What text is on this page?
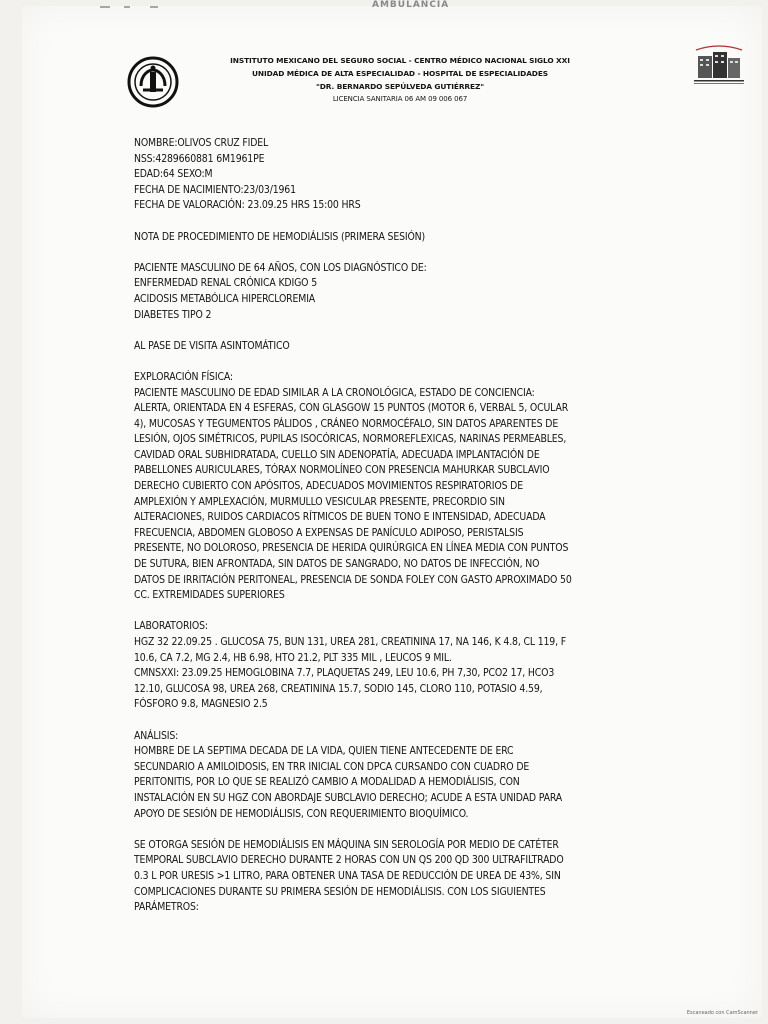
AMBULANCIA
INSTITUTO MEXICANO DEL SEGURO SOCIAL - CENTRO MÉDICO NACIONAL SIGLO XXI
UNIDAD MÉDICA DE ALTA ESPECIALIDAD - HOSPITAL DE ESPECIALIDADES
"DR. BERNARDO SEPÚLVEDA GUTIÉRREZ"
LICENCIA SANITARIA 06 AM 09 006 067
NOMBRE:OLIVOS CRUZ FIDEL
NSS:4289660881 6M1961PE
EDAD:64 SEXO:M
FECHA DE NACIMIENTO:23/03/1961
FECHA DE VALORACIÓN: 23.09.25 HRS 15:00 HRS
NOTA DE PROCEDIMIENTO DE HEMODIÁLISIS (PRIMERA SESIÓN)
PACIENTE MASCULINO DE 64 AÑOS, CON LOS DIAGNÓSTICO DE:
ENFERMEDAD RENAL CRÓNICA KDIGO 5
ACIDOSIS METABÓLICA HIPERCLOREMIA
DIABETES TIPO 2
AL PASE DE VISITA ASINTOMÁTICO
EXPLORACIÓN FÍSICA:
PACIENTE MASCULINO DE EDAD SIMILAR A LA CRONOLÓGICA, ESTADO DE CONCIENCIA:
ALERTA, ORIENTADA EN 4 ESFERAS, CON GLASGOW 15 PUNTOS (MOTOR 6, VERBAL 5, OCULAR
4), MUCOSAS Y TEGUMENTOS PÁLIDOS , CRÁNEO NORMOCÉFALO, SIN DATOS APARENTES DE
LESIÓN, OJOS SIMÉTRICOS, PUPILAS ISOCÓRICAS, NORMOREFLEXICAS, NARINAS PERMEABLES,
CAVIDAD ORAL SUBHIDRATADA, CUELLO SIN ADENOPATÍA, ADECUADA IMPLANTACIÓN DE
PABELLONES AURICULARES, TÓRAX NORMOLÍNEO CON PRESENCIA MAHURKAR SUBCLAVIO
DERECHO CUBIERTO CON APÓSITOS, ADECUADOS MOVIMIENTOS RESPIRATORIOS DE
AMPLEXIÓN Y AMPLEXACIÓN, MURMULLO VESICULAR PRESENTE, PRECORDIO SIN
ALTERACIONES, RUIDOS CARDIACOS RÍTMICOS DE BUEN TONO E INTENSIDAD, ADECUADA
FRECUENCIA, ABDOMEN GLOBOSO A EXPENSAS DE PANÍCULO ADIPOSO, PERISTALSIS
PRESENTE, NO DOLOROSO, PRESENCIA DE HERIDA QUIRÚRGICA EN LÍNEA MEDIA CON PUNTOS
DE SUTURA, BIEN AFRONTADA, SIN DATOS DE SANGRADO, NO DATOS DE INFECCIÓN, NO
DATOS DE IRRITACIÓN PERITONEAL, PRESENCIA DE SONDA FOLEY CON GASTO APROXIMADO 50
CC. EXTREMIDADES SUPERIORES
LABORATORIOS:
HGZ 32 22.09.25 . GLUCOSA 75, BUN 131, UREA 281, CREATININA 17, NA 146, K 4.8, CL 119, F
10.6, CA 7.2, MG 2.4, HB 6.98, HTO 21.2, PLT 335 MIL , LEUCOS 9 MIL.
CMNSXXI: 23.09.25 HEMOGLOBINA 7.7, PLAQUETAS 249, LEU 10.6, PH 7,30, PCO2 17, HCO3
12.10, GLUCOSA 98, UREA 268, CREATININA 15.7, SODIO 145, CLORO 110, POTASIO 4.59,
FÓSFORO 9.8, MAGNESIO 2.5
ANÁLISIS:
HOMBRE DE LA SEPTIMA DECADA DE LA VIDA, QUIEN TIENE ANTECEDENTE DE ERC
SECUNDARIO A AMILOIDOSIS, EN TRR INICIAL CON DPCA CURSANDO CON CUADRO DE
PERITONITIS, POR LO QUE SE REALIZÓ CAMBIO A MODALIDAD A HEMODIÁLISIS, CON
INSTALACIÓN EN SU HGZ CON ABORDAJE SUBCLAVIO DERECHO; ACUDE A ESTA UNIDAD PARA
APOYO DE SESIÓN DE HEMODIÁLISIS, CON REQUERIMIENTO BIOQUÍMICO.
SE OTORGA SESIÓN DE HEMODIÁLISIS EN MÁQUINA SIN SEROLOGÍA POR MEDIO DE CATÉTER
TEMPORAL SUBCLAVIO DERECHO DURANTE 2 HORAS CON UN QS 200 QD 300 ULTRAFILTRADO
0.3 L POR URESIS >1 LITRO, PARA OBTENER UNA TASA DE REDUCCIÓN DE UREA DE 43%, SIN
COMPLICACIONES DURANTE SU PRIMERA SESIÓN DE HEMODIÁLISIS. CON LOS SIGUIENTES
PARÁMETROS:
Escaneado con CamScanner
